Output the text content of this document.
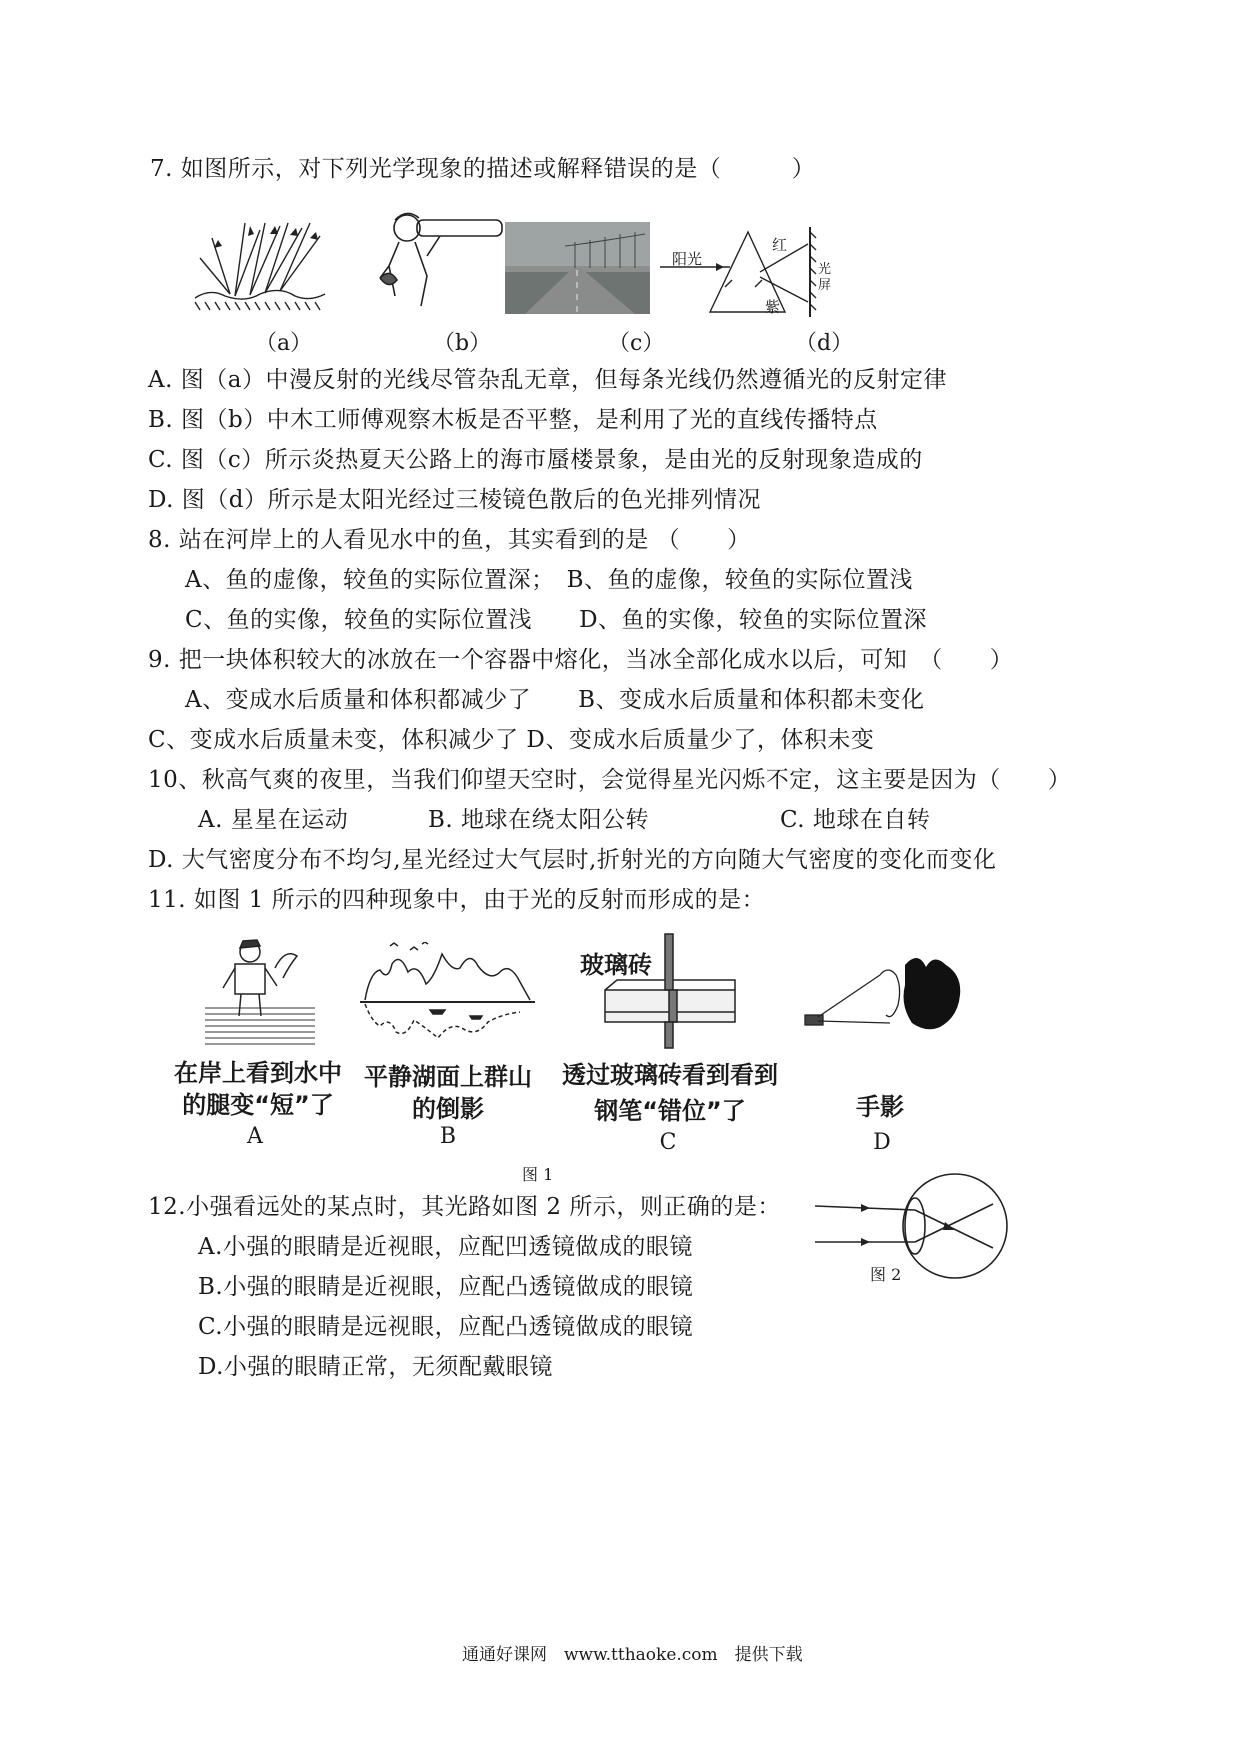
7. 如图所示，对下列光学现象的描述或解释错误的是（　　　）
（a）	（b）	（c）
阳光
红
紫
光屏
（d）
A. 图（a）中漫反射的光线尽管杂乱无章，但每条光线仍然遵循光的反射定律
B. 图（b）中木工师傅观察木板是否平整，是利用了光的直线传播特点
C. 图（c）所示炎热夏天公路上的海市蜃楼景象，是由光的反射现象造成的
D. 图（d）所示是太阳光经过三棱镜色散后的色光排列情况
8. 站在河岸上的人看见水中的鱼，其实看到的是 （　　）
A、鱼的虚像，较鱼的实际位置深；　B、鱼的虚像，较鱼的实际位置浅
C、鱼的实像，较鱼的实际位置浅　　D、鱼的实像，较鱼的实际位置深
9. 把一块体积较大的冰放在一个容器中熔化，当冰全部化成水以后，可知　（　　）
A、变成水后质量和体积都减少了　　B、变成水后质量和体积都未变化
C、变成水后质量未变，体积减少了 D、变成水后质量少了，体积未变
10、秋高气爽的夜里，当我们仰望天空时，会觉得星光闪烁不定，这主要是因为（　　）
A. 星星在运动	B. 地球在绕太阳公转	C. 地球在自转
D. 大气密度分布不均匀,星光经过大气层时,折射光的方向随大气密度的变化而变化
11. 如图 1 所示的四种现象中，由于光的反射而形成的是：
玻璃砖
在岸上看到水中
的腿变“短”了
A
平静湖面上群山
的倒影
B
透过玻璃砖看到看到
钢笔“错位”了
C
手影
D
图 1
12.小强看远处的某点时，其光路如图 2 所示，则正确的是：
A.小强的眼睛是近视眼，应配凹透镜做成的眼镜
B.小强的眼睛是近视眼，应配凸透镜做成的眼镜
C.小强的眼睛是远视眼，应配凸透镜做成的眼镜
D.小强的眼睛正常，无须配戴眼镜
图 2
通通好课网　www.tthaoke.com　提供下载
